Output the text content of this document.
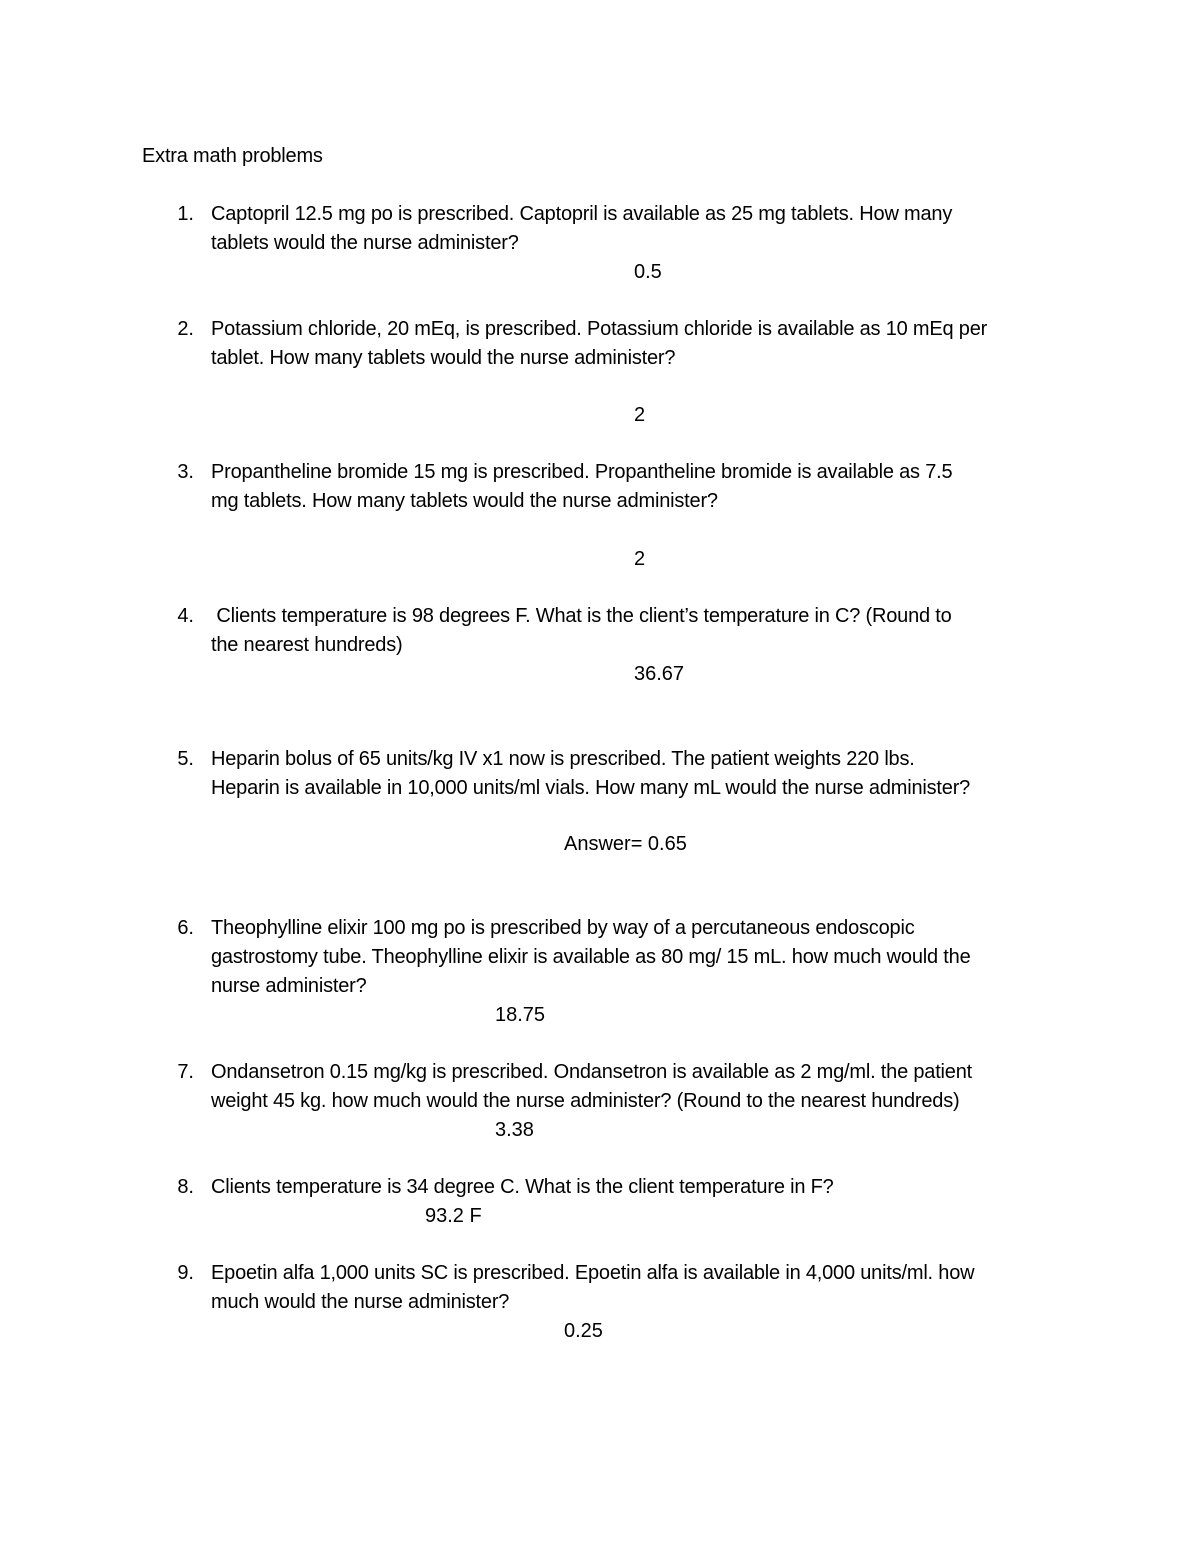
Extra math problems
1. Captopril 12.5 mg po is prescribed. Captopril is available as 25 mg tablets. How many
tablets would the nurse administer?
0.5
2. Potassium chloride, 20 mEq, is prescribed. Potassium chloride is available as 10 mEq per
tablet. How many tablets would the nurse administer?
2
3. Propantheline bromide 15 mg is prescribed. Propantheline bromide is available as 7.5
mg tablets. How many tablets would the nurse administer?
2
4. Clients temperature is 98 degrees F. What is the client’s temperature in C? (Round to
the nearest hundreds)
36.67
5. Heparin bolus of 65 units/kg IV x1 now is prescribed. The patient weights 220 lbs.
Heparin is available in 10,000 units/ml vials. How many mL would the nurse administer?
Answer= 0.65
6. Theophylline elixir 100 mg po is prescribed by way of a percutaneous endoscopic
gastrostomy tube. Theophylline elixir is available as 80 mg/ 15 mL. how much would the
nurse administer?
18.75
7. Ondansetron 0.15 mg/kg is prescribed. Ondansetron is available as 2 mg/ml. the patient
weight 45 kg. how much would the nurse administer? (Round to the nearest hundreds)
3.38
8. Clients temperature is 34 degree C. What is the client temperature in F?
93.2 F
9. Epoetin alfa 1,000 units SC is prescribed. Epoetin alfa is available in 4,000 units/ml. how
much would the nurse administer?
0.25
